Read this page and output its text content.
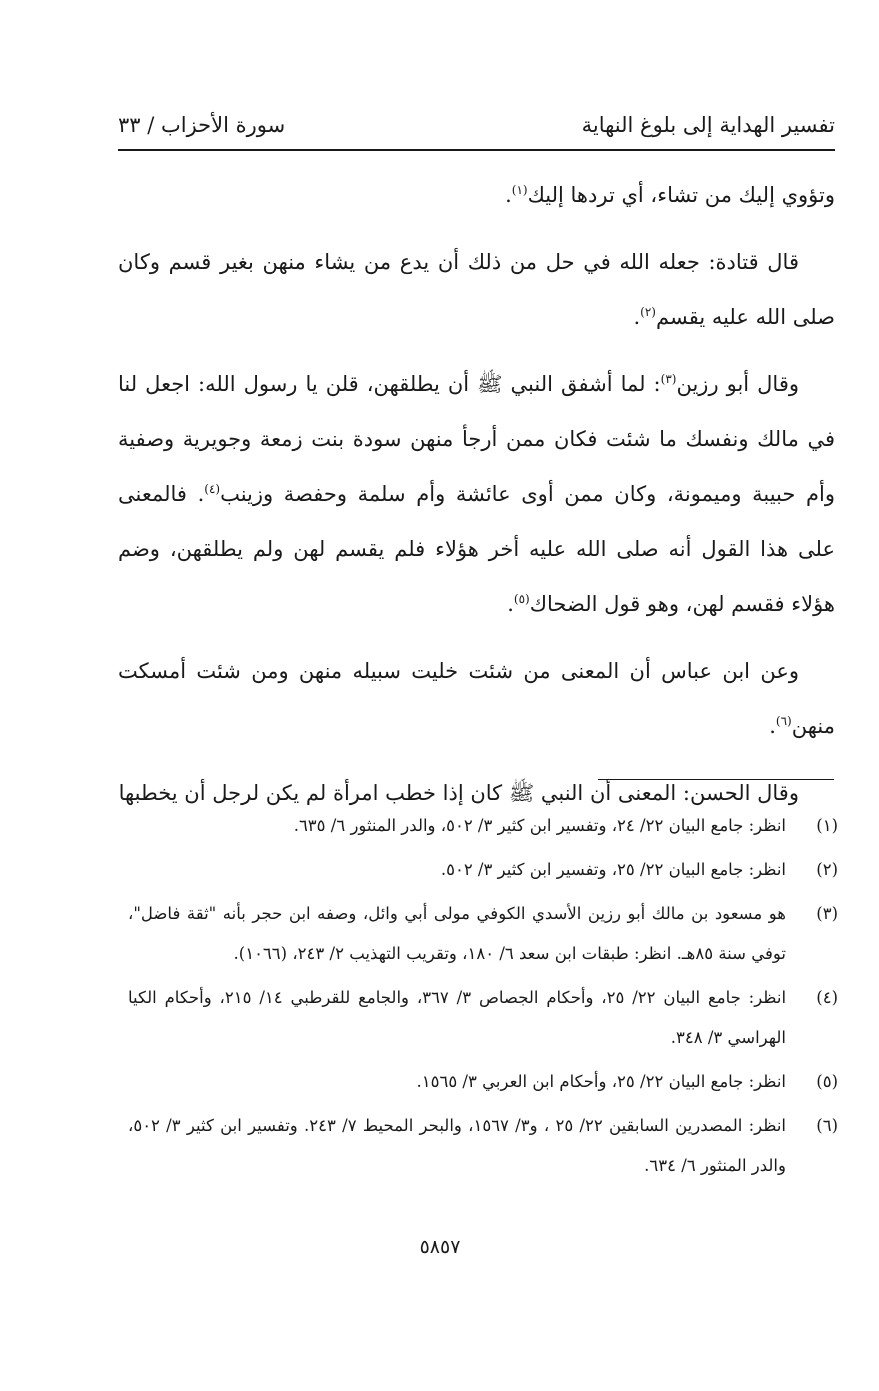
تفسير الهداية إلى بلوغ النهاية
سورة الأحزاب / ٣٣

وتؤوي إليك من تشاء، أي تردها إليك$^{(١)}$.

قال قتادة: جعله الله في حل من ذلك أن يدع من يشاء منهن بغير قسم وكان صلى الله عليه يقسم$^{(٢)}$.

وقال أبو رزين$^{(٣)}$: لما أشفق النبي ﷺ أن يطلقهن، قلن يا رسول الله: اجعل لنا في مالك ونفسك ما شئت فكان ممن أرجأ منهن سودة بنت زمعة وجويرية وصفية وأم حبيبة وميمونة، وكان ممن أوى عائشة وأم سلمة وحفصة وزينب$^{(٤)}$. فالمعنى على هذا القول أنه صلى الله عليه أخر هؤلاء فلم يقسم لهن ولم يطلقهن، وضم هؤلاء فقسم لهن، وهو قول الضحاك$^{(٥)}$.

وعن ابن عباس أن المعنى من شئت خليت سبيله منهن ومن شئت أمسكت منهن$^{(٦)}$.

وقال الحسن: المعنى أن النبي ﷺ كان إذا خطب امرأة لم يكن لرجل أن يخطبها

(١)
انظر: جامع البيان ٢٢/ ٢٤، وتفسير ابن كثير ٣/ ٥٠٢، والدر المنثور ٦/ ٦٣٥.
(٢)
انظر: جامع البيان ٢٢/ ٢٥، وتفسير ابن كثير ٣/ ٥٠٢.
(٣)
هو مسعود بن مالك أبو رزين الأسدي الكوفي مولى أبي وائل، وصفه ابن حجر بأنه "ثقة فاضل"، توفي سنة ٨٥هـ. انظر: طبقات ابن سعد ٦/ ١٨٠، وتقريب التهذيب ٢/ ٢٤٣، (١٠٦٦).
(٤)
انظر: جامع البيان ٢٢/ ٢٥، وأحكام الجصاص ٣/ ٣٦٧، والجامع للقرطبي ١٤/ ٢١٥، وأحكام الكيا الهراسي ٣/ ٣٤٨.
(٥)
انظر: جامع البيان ٢٢/ ٢٥، وأحكام ابن العربي ٣/ ١٥٦٥.
(٦)
انظر: المصدرين السابقين ٢٢/ ٢٥ ، و٣/ ١٥٦٧، والبحر المحيط ٧/ ٢٤٣. وتفسير ابن كثير ٣/ ٥٠٢، والدر المنثور ٦/ ٦٣٤.
٥٨٥٧
